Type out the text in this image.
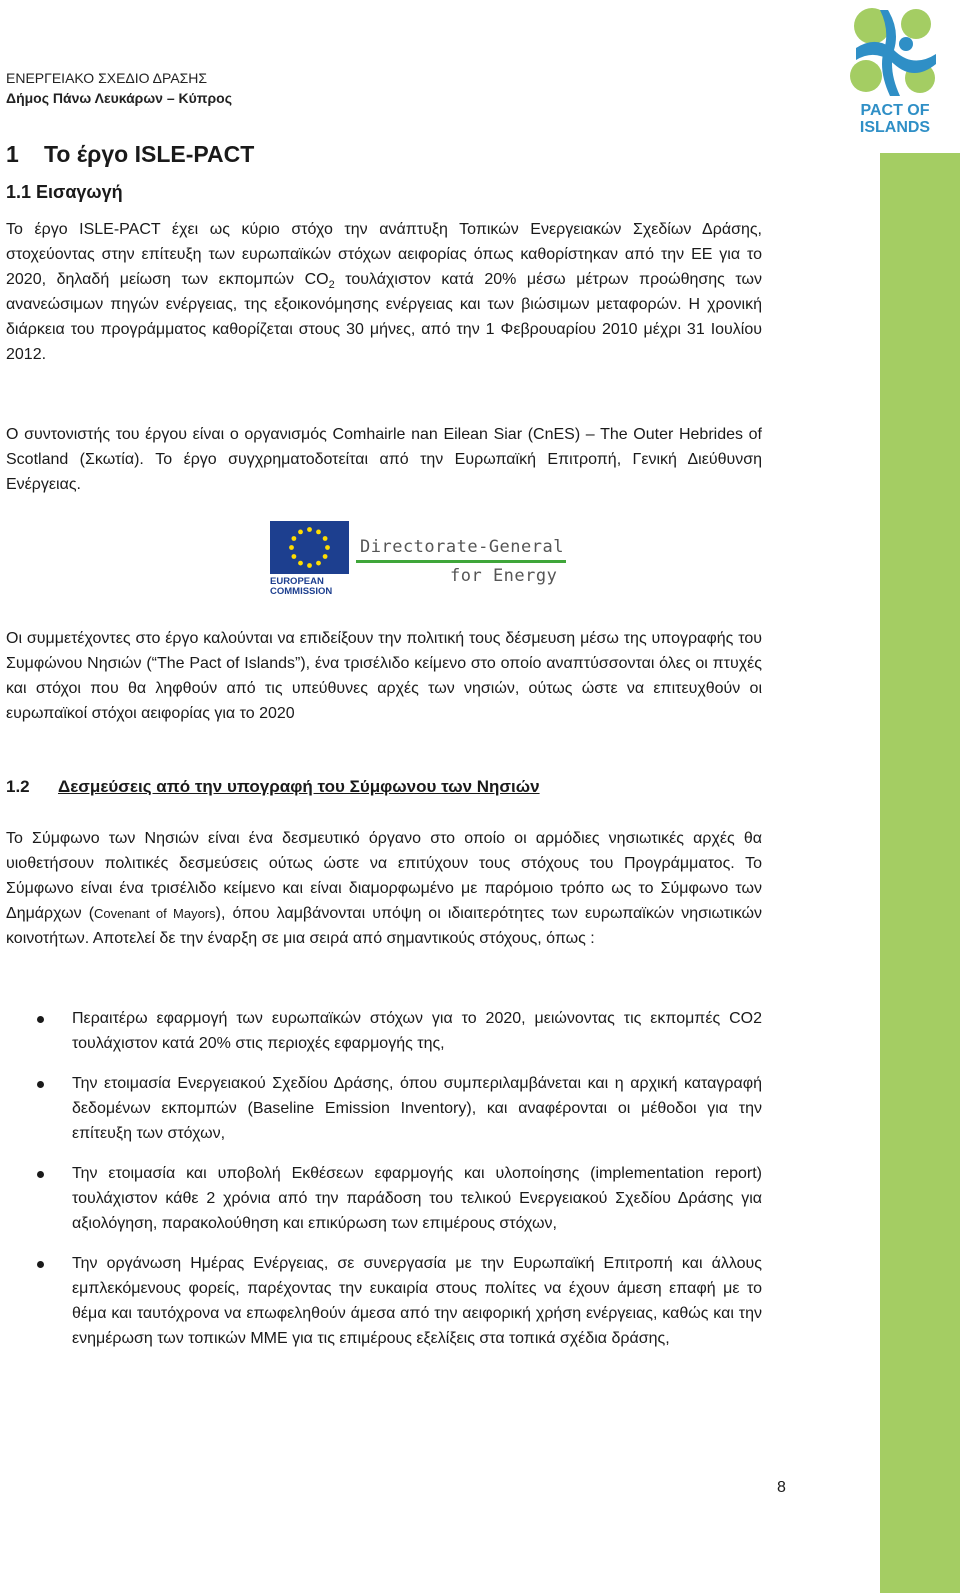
PACT OF
ISLANDS
ΕΝΕΡΓΕΙΑΚΟ ΣΧΕΔΙΟ ΔΡΑΣΗΣ
Δήμος Πάνω Λευκάρων – Κύπρος
1 Το έργο ISLE-PACT
1.1 Εισαγωγή

Το έργο ISLE-PACT έχει ως κύριο στόχο την ανάπτυξη Τοπικών Ενεργειακών Σχεδίων Δράσης, στοχεύοντας στην επίτευξη των ευρωπαϊκών στόχων αειφορίας όπως καθορίστηκαν από την ΕΕ για το 2020, δηλαδή μείωση των εκπομπών $CO_2$ τουλάχιστον κατά 20% μέσω μέτρων προώθησης των ανανεώσιμων πηγών ενέργειας, της εξοικονόμησης ενέργειας και των βιώσιμων μεταφορών. Η χρονική διάρκεια του προγράμματος καθορίζεται στους 30 μήνες, από την 1 Φεβρουαρίου 2010 μέχρι 31 Ιουλίου 2012.

Ο συντονιστής του έργου είναι ο οργανισμός Comhairle nan Eilean Siar (CnES) – The Outer Hebrides of Scotland (Σκωτία). Το έργο συγχρηματοδοτείται από την Ευρωπαϊκή Επιτροπή, Γενική Διεύθυνση Ενέργειας.

EUROPEAN
COMMISSION
Directorate-General
for Energy

Οι συμμετέχοντες στο έργο καλούνται να επιδείξουν την πολιτική τους δέσμευση μέσω της υπογραφής του Συμφώνου Νησιών (“The Pact of Islands”), ένα τρισέλιδο κείμενο στο οποίο αναπτύσσονται όλες οι πτυχές και στόχοι που θα ληφθούν από τις υπεύθυνες αρχές των νησιών, ούτως ώστε να επιτευχθούν οι ευρωπαϊκοί στόχοι αειφορίας για το 2020

1.2 Δεσμεύσεις από την υπογραφή του Σύμφωνου των Νησιών

Το Σύμφωνο των Νησιών είναι ένα δεσμευτικό όργανο στο οποίο οι αρμόδιες νησιωτικές αρχές θα υιοθετήσουν πολιτικές δεσμεύσεις ούτως ώστε να επιτύχουν τους στόχους του Προγράμματος. Το Σύμφωνο είναι ένα τρισέλιδο κείμενο και είναι διαμορφωμένο με παρόμοιο τρόπο ως το Σύμφωνο των Δημάρχων (Covenant of Mayors), όπου λαμβάνονται υπόψη οι ιδιαιτερότητες των ευρωπαϊκών νησιωτικών κοινοτήτων. Αποτελεί δε την έναρξη σε μια σειρά από σημαντικούς στόχους, όπως :

Περαιτέρω εφαρμογή των ευρωπαϊκών στόχων για το 2020, μειώνοντας τις εκπομπές CO2 τουλάχιστον κατά 20% στις περιοχές εφαρμογής της,
Την ετοιμασία Ενεργειακού Σχεδίου Δράσης, όπου συμπεριλαμβάνεται και η αρχική καταγραφή δεδομένων εκπομπών (Baseline Emission Inventory), και αναφέρονται οι μέθοδοι για την επίτευξη των στόχων,
Την ετοιμασία και υποβολή Εκθέσεων εφαρμογής και υλοποίησης (implementation report) τουλάχιστον κάθε 2 χρόνια από την παράδοση του τελικού Ενεργειακού Σχεδίου Δράσης για αξιολόγηση, παρακολούθηση και επικύρωση των επιμέρους στόχων,
Την οργάνωση Ημέρας Ενέργειας, σε συνεργασία με την Ευρωπαϊκή Επιτροπή και άλλους εμπλεκόμενους φορείς, παρέχοντας την ευκαιρία στους πολίτες να έχουν άμεση επαφή με το θέμα και ταυτόχρονα να επωφεληθούν άμεσα από την αειφορική χρήση ενέργειας, καθώς και την ενημέρωση των τοπικών ΜΜΕ για τις επιμέρους εξελίξεις στα τοπικά σχέδια δράσης,
8
